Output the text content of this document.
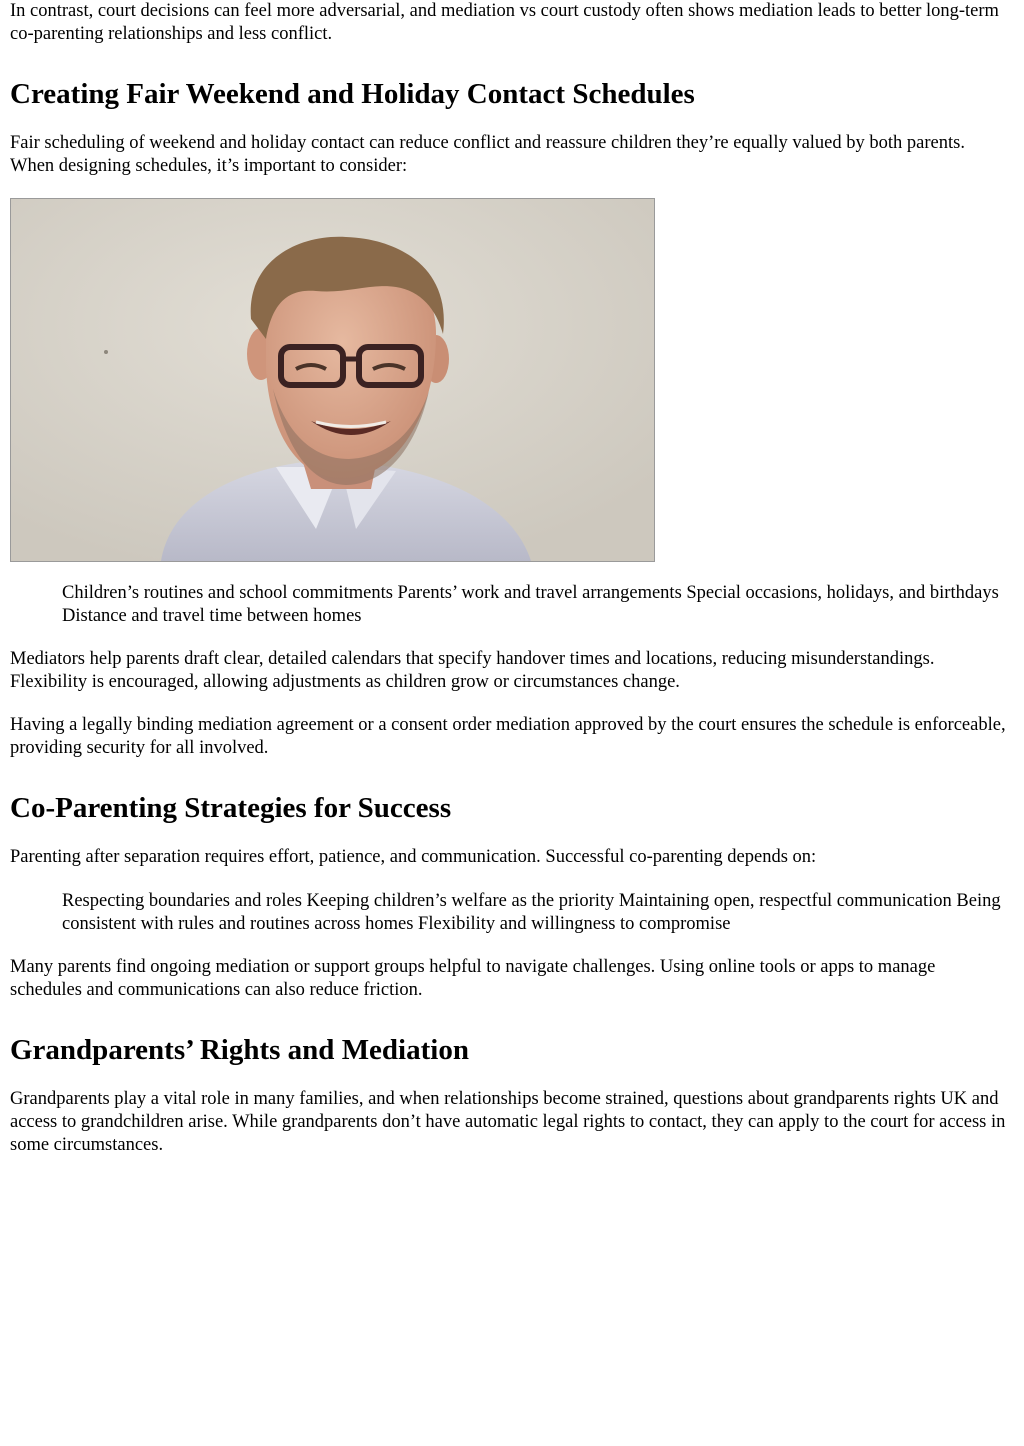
In contrast, court decisions can feel more adversarial, and mediation vs court custody often shows mediation leads to better long-term co-parenting relationships and less conflict.

Creating Fair Weekend and Holiday Contact Schedules

Fair scheduling of weekend and holiday contact can reduce conflict and reassure children they’re equally valued by both parents. When designing schedules, it’s important to consider:

Children’s routines and school commitments Parents’ work and travel arrangements Special occasions, holidays, and birthdays Distance and travel time between homes

Mediators help parents draft clear, detailed calendars that specify handover times and locations, reducing misunderstandings. Flexibility is encouraged, allowing adjustments as children grow or circumstances change.

Having a legally binding mediation agreement or a consent order mediation approved by the court ensures the schedule is enforceable, providing security for all involved.

Co-Parenting Strategies for Success

Parenting after separation requires effort, patience, and communication. Successful co-parenting depends on:

Respecting boundaries and roles Keeping children’s welfare as the priority Maintaining open, respectful communication Being consistent with rules and routines across homes Flexibility and willingness to compromise

Many parents find ongoing mediation or support groups helpful to navigate challenges. Using online tools or apps to manage schedules and communications can also reduce friction.

Grandparents’ Rights and Mediation

Grandparents play a vital role in many families, and when relationships become strained, questions about grandparents rights UK and access to grandchildren arise. While grandparents don’t have automatic legal rights to contact, they can apply to the court for access in some circumstances.
